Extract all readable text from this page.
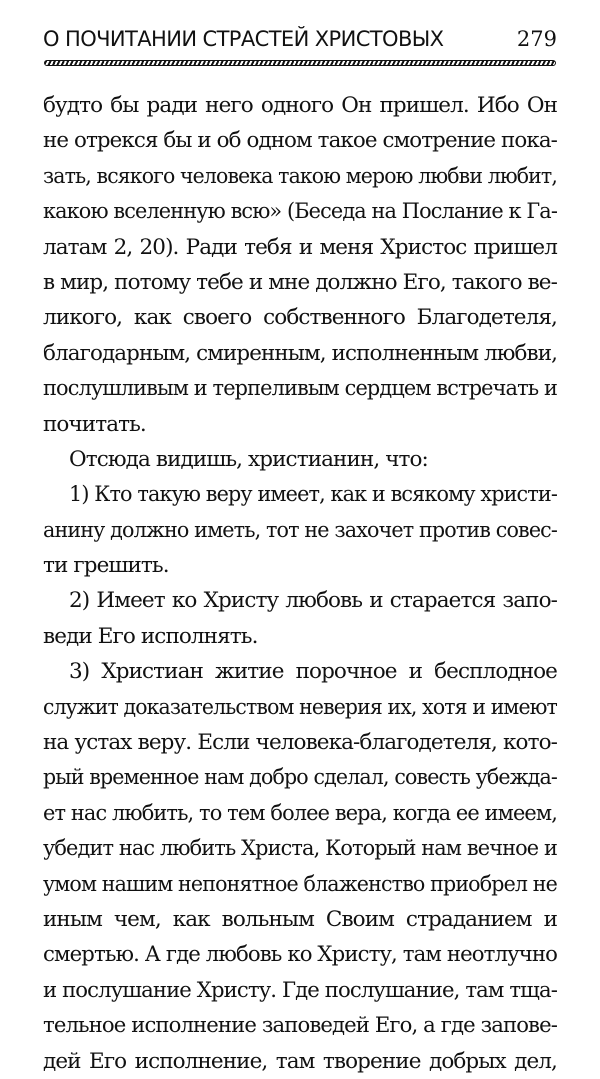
О ПОЧИТАНИИ СТРАСТЕЙ ХРИСТОВЫХ	279
будто бы ради него одного Он пришел. Ибо Он
не отрекся бы и об одном такое смотрение пока-
зать, всякого человека такою мерою любви любит,
какою вселенную всю» (Беседа на Послание к Га-
латам 2, 20). Ради тебя и меня Христос пришел
в мир, потому тебе и мне должно Его, такого ве-
ликого, как своего собственного Благодетеля,
благодарным, смиренным, исполненным любви,
послушливым и терпеливым сердцем встречать и
почитать.
Отсюда видишь, христианин, что:
1) Кто такую веру имеет, как и всякому христи-
анину должно иметь, тот не захочет против совес-
ти грешить.
2) Имеет ко Христу любовь и старается запо-
веди Его исполнять.
3) Христиан житие порочное и бесплодное
служит доказательством неверия их, хотя и имеют
на устах веру. Если человека-благодетеля, кото-
рый временное нам добро сделал, совесть убежда-
ет нас любить, то тем более вера, когда ее имеем,
убедит нас любить Христа, Который нам вечное и
умом нашим непонятное блаженство приобрел не
иным чем, как вольным Своим страданием и
смертью. А где любовь ко Христу, там неотлучно
и послушание Христу. Где послушание, там тща-
тельное исполнение заповедей Его, а где запове-
дей Его исполнение, там творение добрых дел,
